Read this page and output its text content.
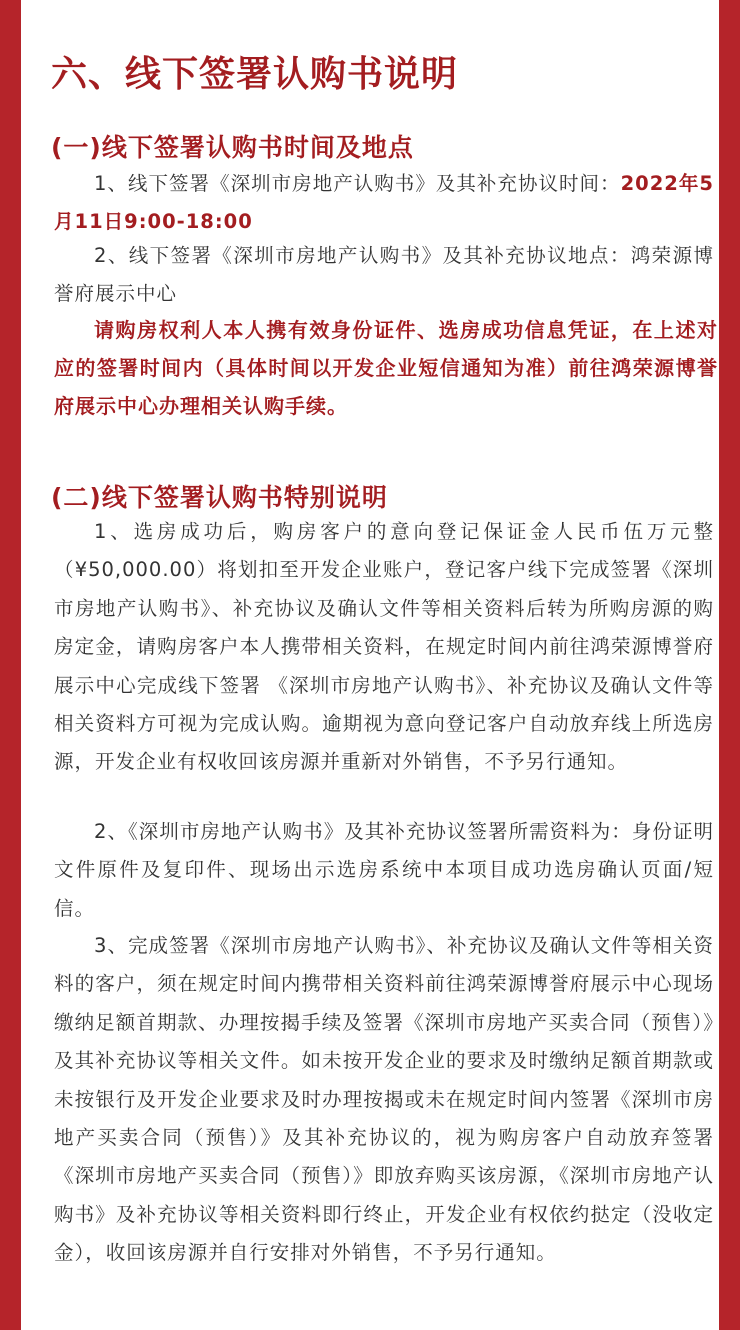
六、线下签署认购书说明
(一)线下签署认购书时间及地点

1、线下签署《深圳市房地产认购书》及其补充协议时间：2022年5月11日9:00-18:00

2、线下签署《深圳市房地产认购书》及其补充协议地点：鸿荣源博誉府展示中心

请购房权利人本人携有效身份证件、选房成功信息凭证，在上述对应的签署时间内（具体时间以开发企业短信通知为准）前往鸿荣源博誉府展示中心办理相关认购手续。

(二)线下签署认购书特别说明

1、选房成功后，购房客户的意向登记保证金人民币伍万元整（¥50,000.00）将划扣至开发企业账户，登记客户线下完成签署《深圳市房地产认购书》、补充协议及确认文件等相关资料后转为所购房源的购房定金，请购房客户本人携带相关资料，在规定时间内前往鸿荣源博誉府展示中心完成线下签署 《深圳市房地产认购书》、补充协议及确认文件等相关资料方可视为完成认购。逾期视为意向登记客户自动放弃线上所选房源，开发企业有权收回该房源并重新对外销售，不予另行通知。

2、《深圳市房地产认购书》及其补充协议签署所需资料为：身份证明文件原件及复印件、现场出示选房系统中本项目成功选房确认页面/短信。

3、完成签署《深圳市房地产认购书》、补充协议及确认文件等相关资料的客户，须在规定时间内携带相关资料前往鸿荣源博誉府展示中心现场缴纳足额首期款、办理按揭手续及签署《深圳市房地产买卖合同（预售）》及其补充协议等相关文件。如未按开发企业的要求及时缴纳足额首期款或未按银行及开发企业要求及时办理按揭或未在规定时间内签署《深圳市房地产买卖合同（预售）》及其补充协议的，视为购房客户自动放弃签署《深圳市房地产买卖合同（预售）》即放弃购买该房源，《深圳市房地产认购书》及补充协议等相关资料即行终止，开发企业有权依约挞定（没收定金），收回该房源并自行安排对外销售，不予另行通知。
